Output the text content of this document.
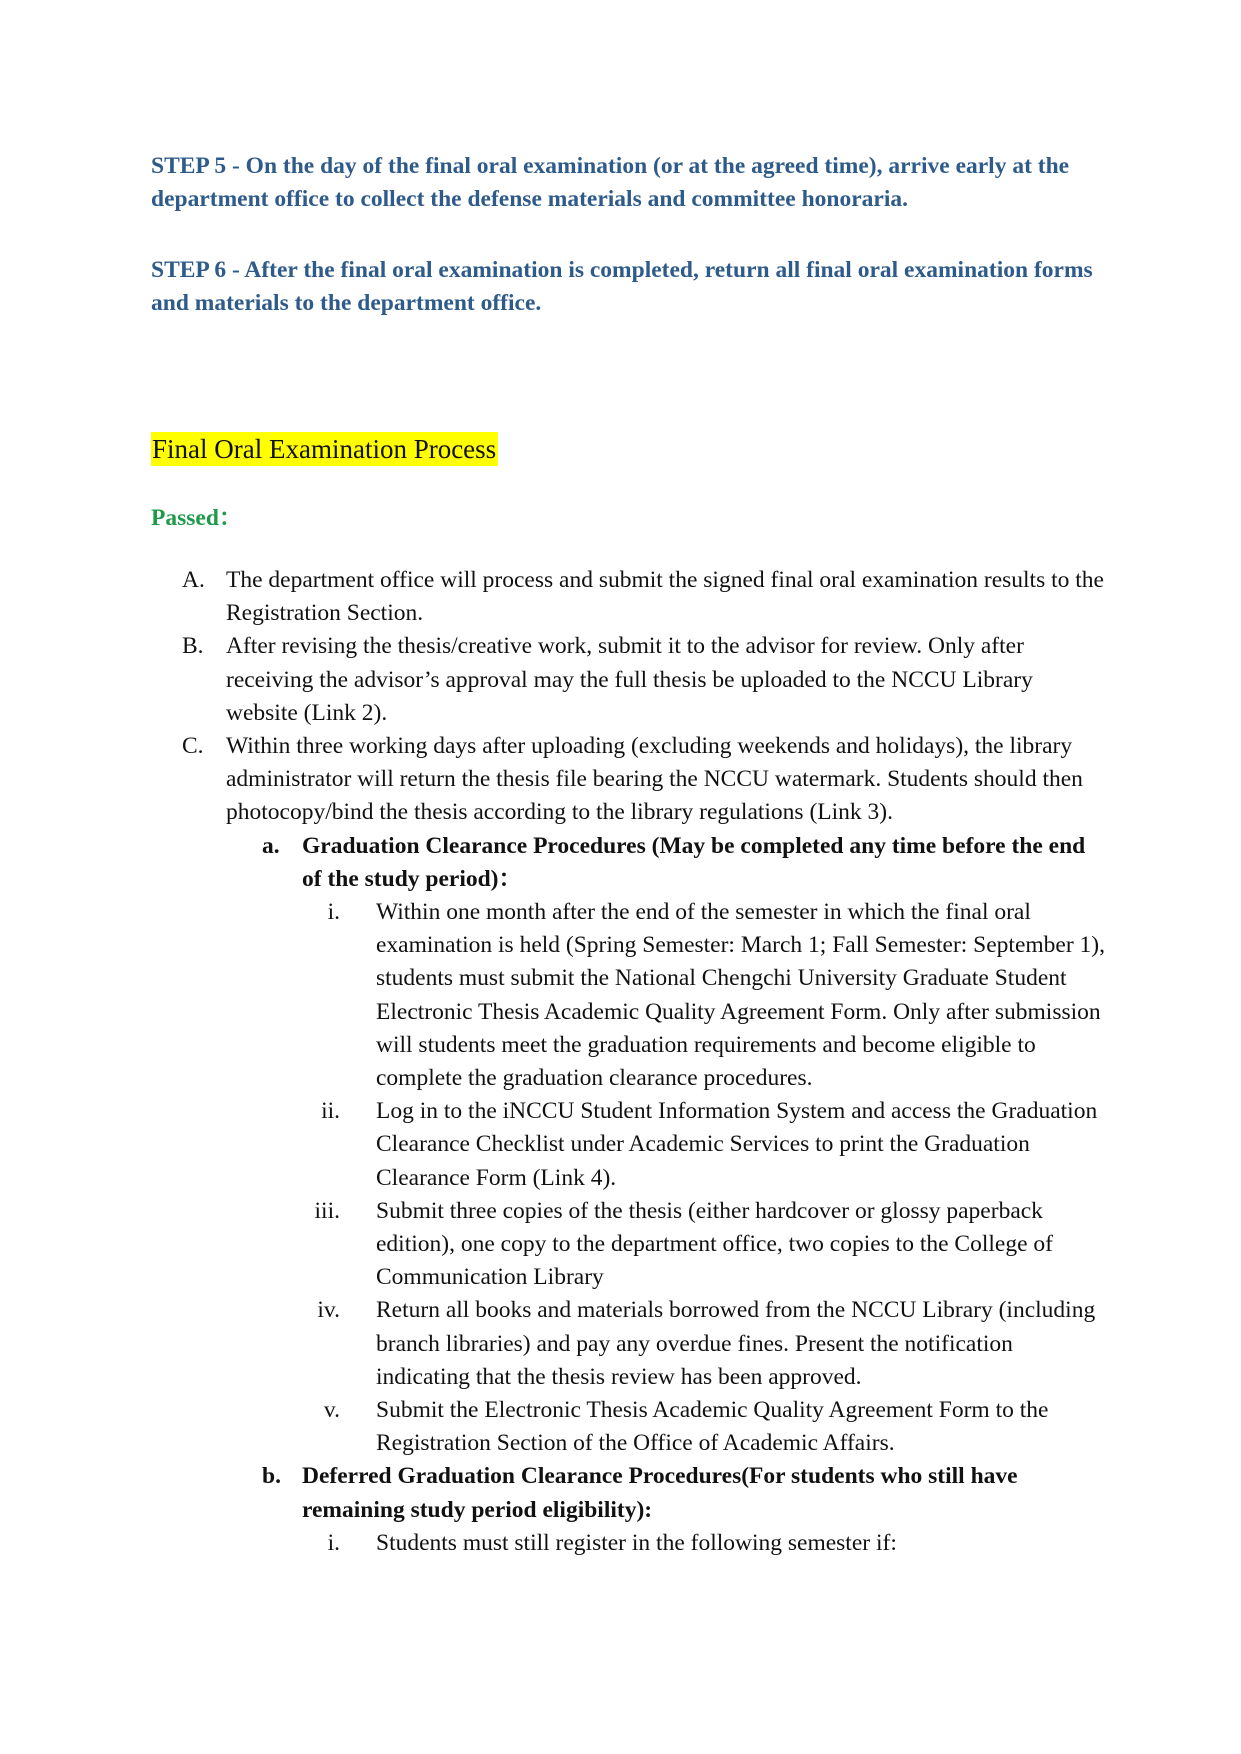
STEP 5 - On the day of the final oral examination (or at the agreed time), arrive early at the department office to collect the defense materials and committee honoraria.

STEP 6 - After the final oral examination is completed, return all final oral examination forms and materials to the department office.

Final Oral Examination Process

Passed：

A. The department office will process and submit the signed final oral examination results to the Registration Section.
B. After revising the thesis/creative work, submit it to the advisor for review. Only after receiving the advisor’s approval may the full thesis be uploaded to the NCCU Library website (Link 2).
C. Within three working days after uploading (excluding weekends and holidays), the library administrator will return the thesis file bearing the NCCU watermark. Students should then photocopy/bind the thesis according to the library regulations (Link 3).
a. Graduation Clearance Procedures (May be completed any time before the end of the study period)：
i. Within one month after the end of the semester in which the final oral examination is held (Spring Semester: March 1; Fall Semester: September 1), students must submit the National Chengchi University Graduate Student Electronic Thesis Academic Quality Agreement Form. Only after submission will students meet the graduation requirements and become eligible to complete the graduation clearance procedures.
ii. Log in to the iNCCU Student Information System and access the Graduation Clearance Checklist under Academic Services to print the Graduation Clearance Form (Link 4).
iii. Submit three copies of the thesis (either hardcover or glossy paperback edition), one copy to the department office, two copies to the College of Communication Library
iv. Return all books and materials borrowed from the NCCU Library (including branch libraries) and pay any overdue fines. Present the notification indicating that the thesis review has been approved.
v. Submit the Electronic Thesis Academic Quality Agreement Form to the Registration Section of the Office of Academic Affairs.
b. Deferred Graduation Clearance Procedures(For students who still have remaining study period eligibility):
i. Students must still register in the following semester if:
